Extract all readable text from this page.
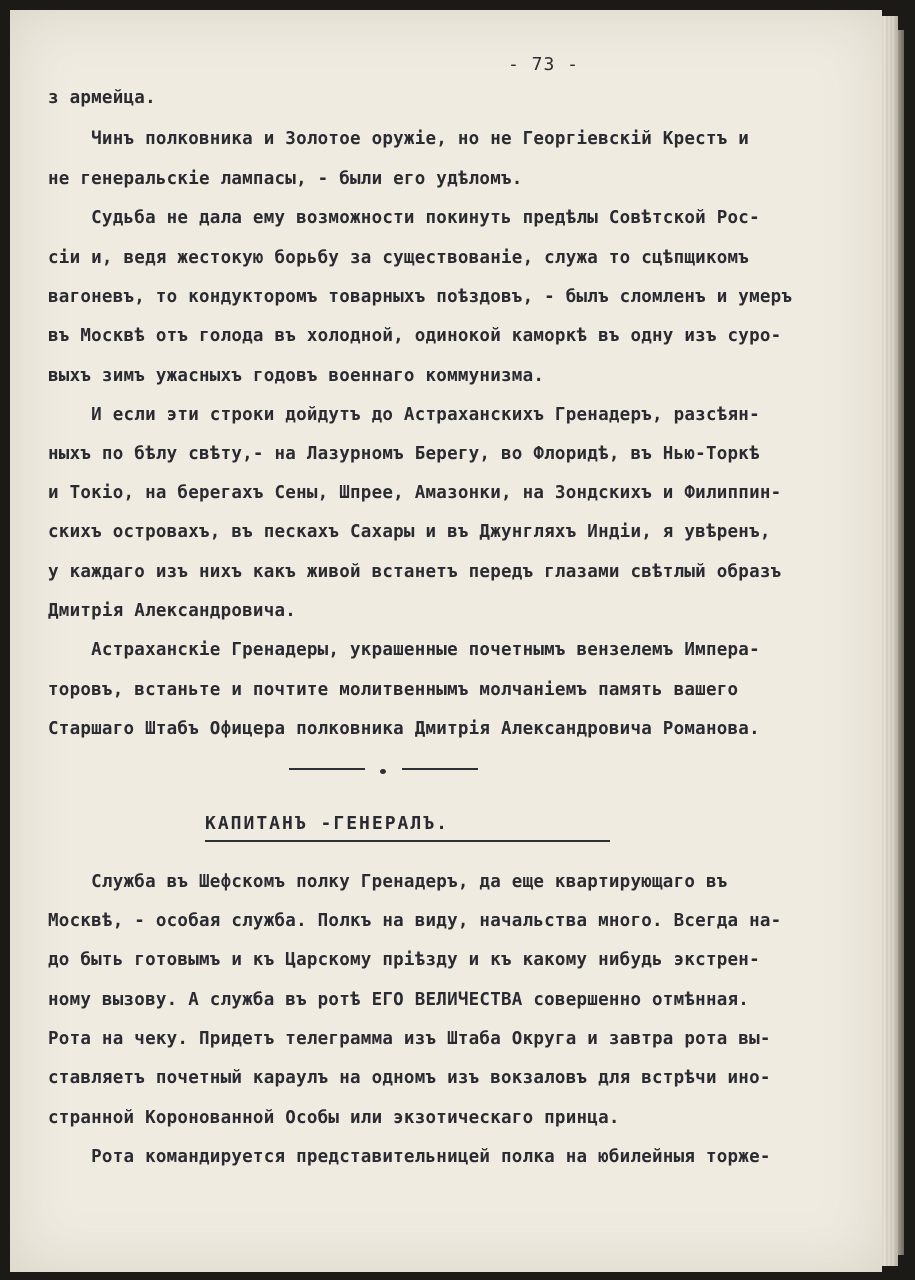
- 73 -
з армейца.
Чинъ полковника и Золотое оружіе, но не Георгіевскій Крестъ и
не генеральскіе лампасы, - были его удѣломъ.
Судьба не дала ему возможности покинуть предѣлы Совѣтской Рос-
сіи и, ведя жестокую борьбу за существованіе, служа то сцѣпщикомъ
вагоневъ, то кондукторомъ товарныхъ поѣздовъ, - былъ сломленъ и умеръ
въ Москвѣ отъ голода въ холодной, одинокой каморкѣ въ одну изъ суро-
выхъ зимъ ужасныхъ годовъ военнаго коммунизма.
И если эти строки дойдутъ до Астраханскихъ Гренадеръ, разсѣян-
ныхъ по бѣлу свѣту,- на Лазурномъ Берегу, во Флоридѣ, въ Нью-Торкѣ
и Токіо, на берегахъ Сены, Шпрее, Амазонки, на Зондскихъ и Филиппин-
скихъ островахъ, въ пескахъ Сахары и въ Джунгляхъ Индіи, я увѣренъ,
у каждаго изъ нихъ какъ живой встанетъ передъ глазами свѣтлый образъ
Дмитрія Александровича.
Астраханскіе Гренадеры, украшенные почетнымъ вензелемъ Импера-
торовъ, встаньте и почтите молитвеннымъ молчаніемъ память вашего
Старшаго Штабъ Офицера полковника Дмитрія Александровича Романова.
Служба въ Шефскомъ полку Гренадеръ, да еще квартирующаго въ
Москвѣ, - особая служба. Полкъ на виду, начальства много. Всегда на-
до быть готовымъ и къ Царскому пріѣзду и къ какому нибудь экстрен-
ному вызову. А служба въ ротѣ ЕГО ВЕЛИЧЕСТВА совершенно отмѣнная.
Рота на чеку. Придетъ телеграмма изъ Штаба Округа и завтра рота вы-
ставляетъ почетный караулъ на одномъ изъ вокзаловъ для встрѣчи ино-
странной Коронованной Особы или экзотическаго принца.
Рота командируется представительницей полка на юбилейныя торже-
КАПИТАНЪ -ГЕНЕРАЛЪ.
